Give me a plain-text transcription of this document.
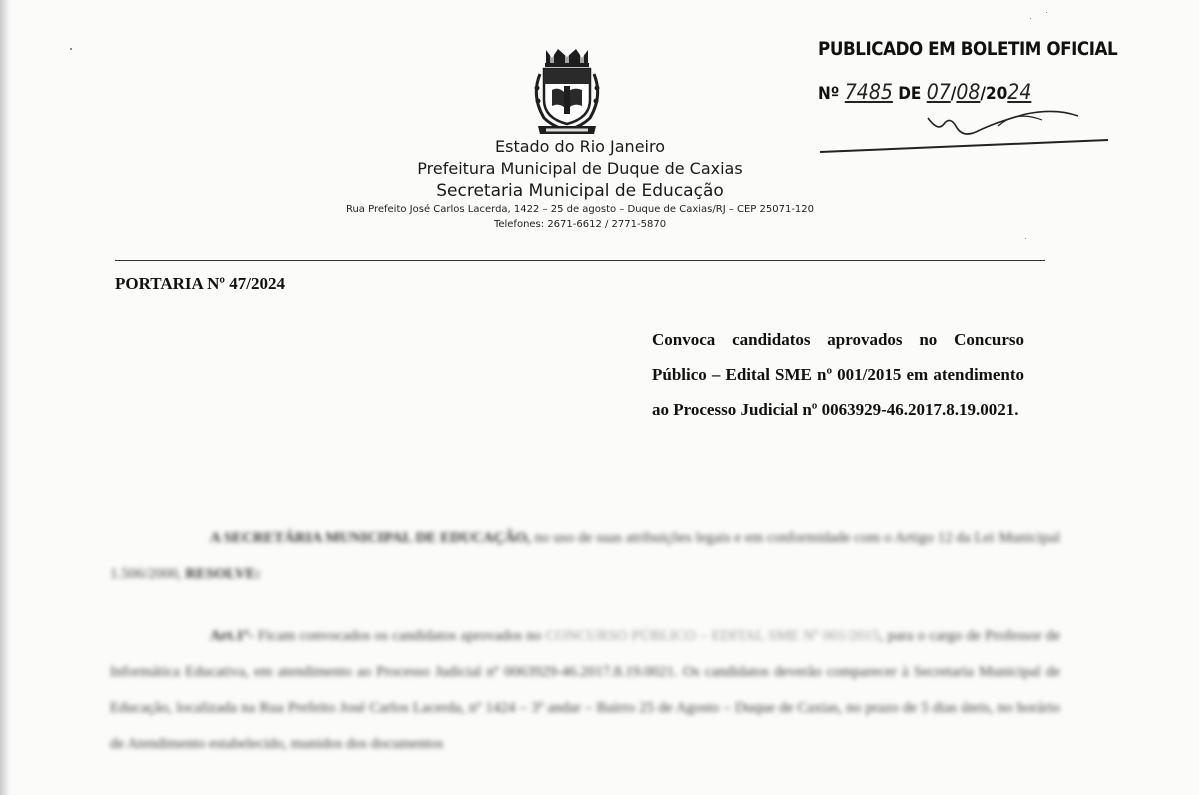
Estado do Rio Janeiro
Prefeitura Municipal de Duque de Caxias
Secretaria Municipal de Educação
Rua Prefeito José Carlos Lacerda, 1422 – 25 de agosto – Duque de Caxias/RJ – CEP 25071-120
Telefones: 2671-6612 / 2771-5870
PUBLICADO EM BOLETIM OFICIAL
Nº 7485 DE 07/08/2024
PORTARIA Nº 47/2024
Convoca candidatos aprovados no Concurso Público – Edital SME nº 001/2015 em atendimento ao Processo Judicial nº 0063929-46.2017.8.19.0021.

A SECRETÁRIA MUNICIPAL DE EDUCAÇÃO, no uso de suas atribuições legais e em conformidade com o Artigo 12 da Lei Municipal 1.506/2000, RESOLVE:

Art.1º- Ficam convocados os candidatos aprovados no CONCURSO PÚBLICO – EDITAL SME Nº 001/2015, para o cargo de Professor de Informática Educativa, em atendimento ao Processo Judicial nº 0063929-46.2017.8.19.0021. Os candidatos deverão comparecer à Secretaria Municipal de Educação, localizada na Rua Prefeito José Carlos Lacerda, nº 1424 – 3º andar – Bairro 25 de Agosto – Duque de Caxias, no prazo de 5 dias úteis, no horário de Atendimento estabelecido, munidos dos documentos
